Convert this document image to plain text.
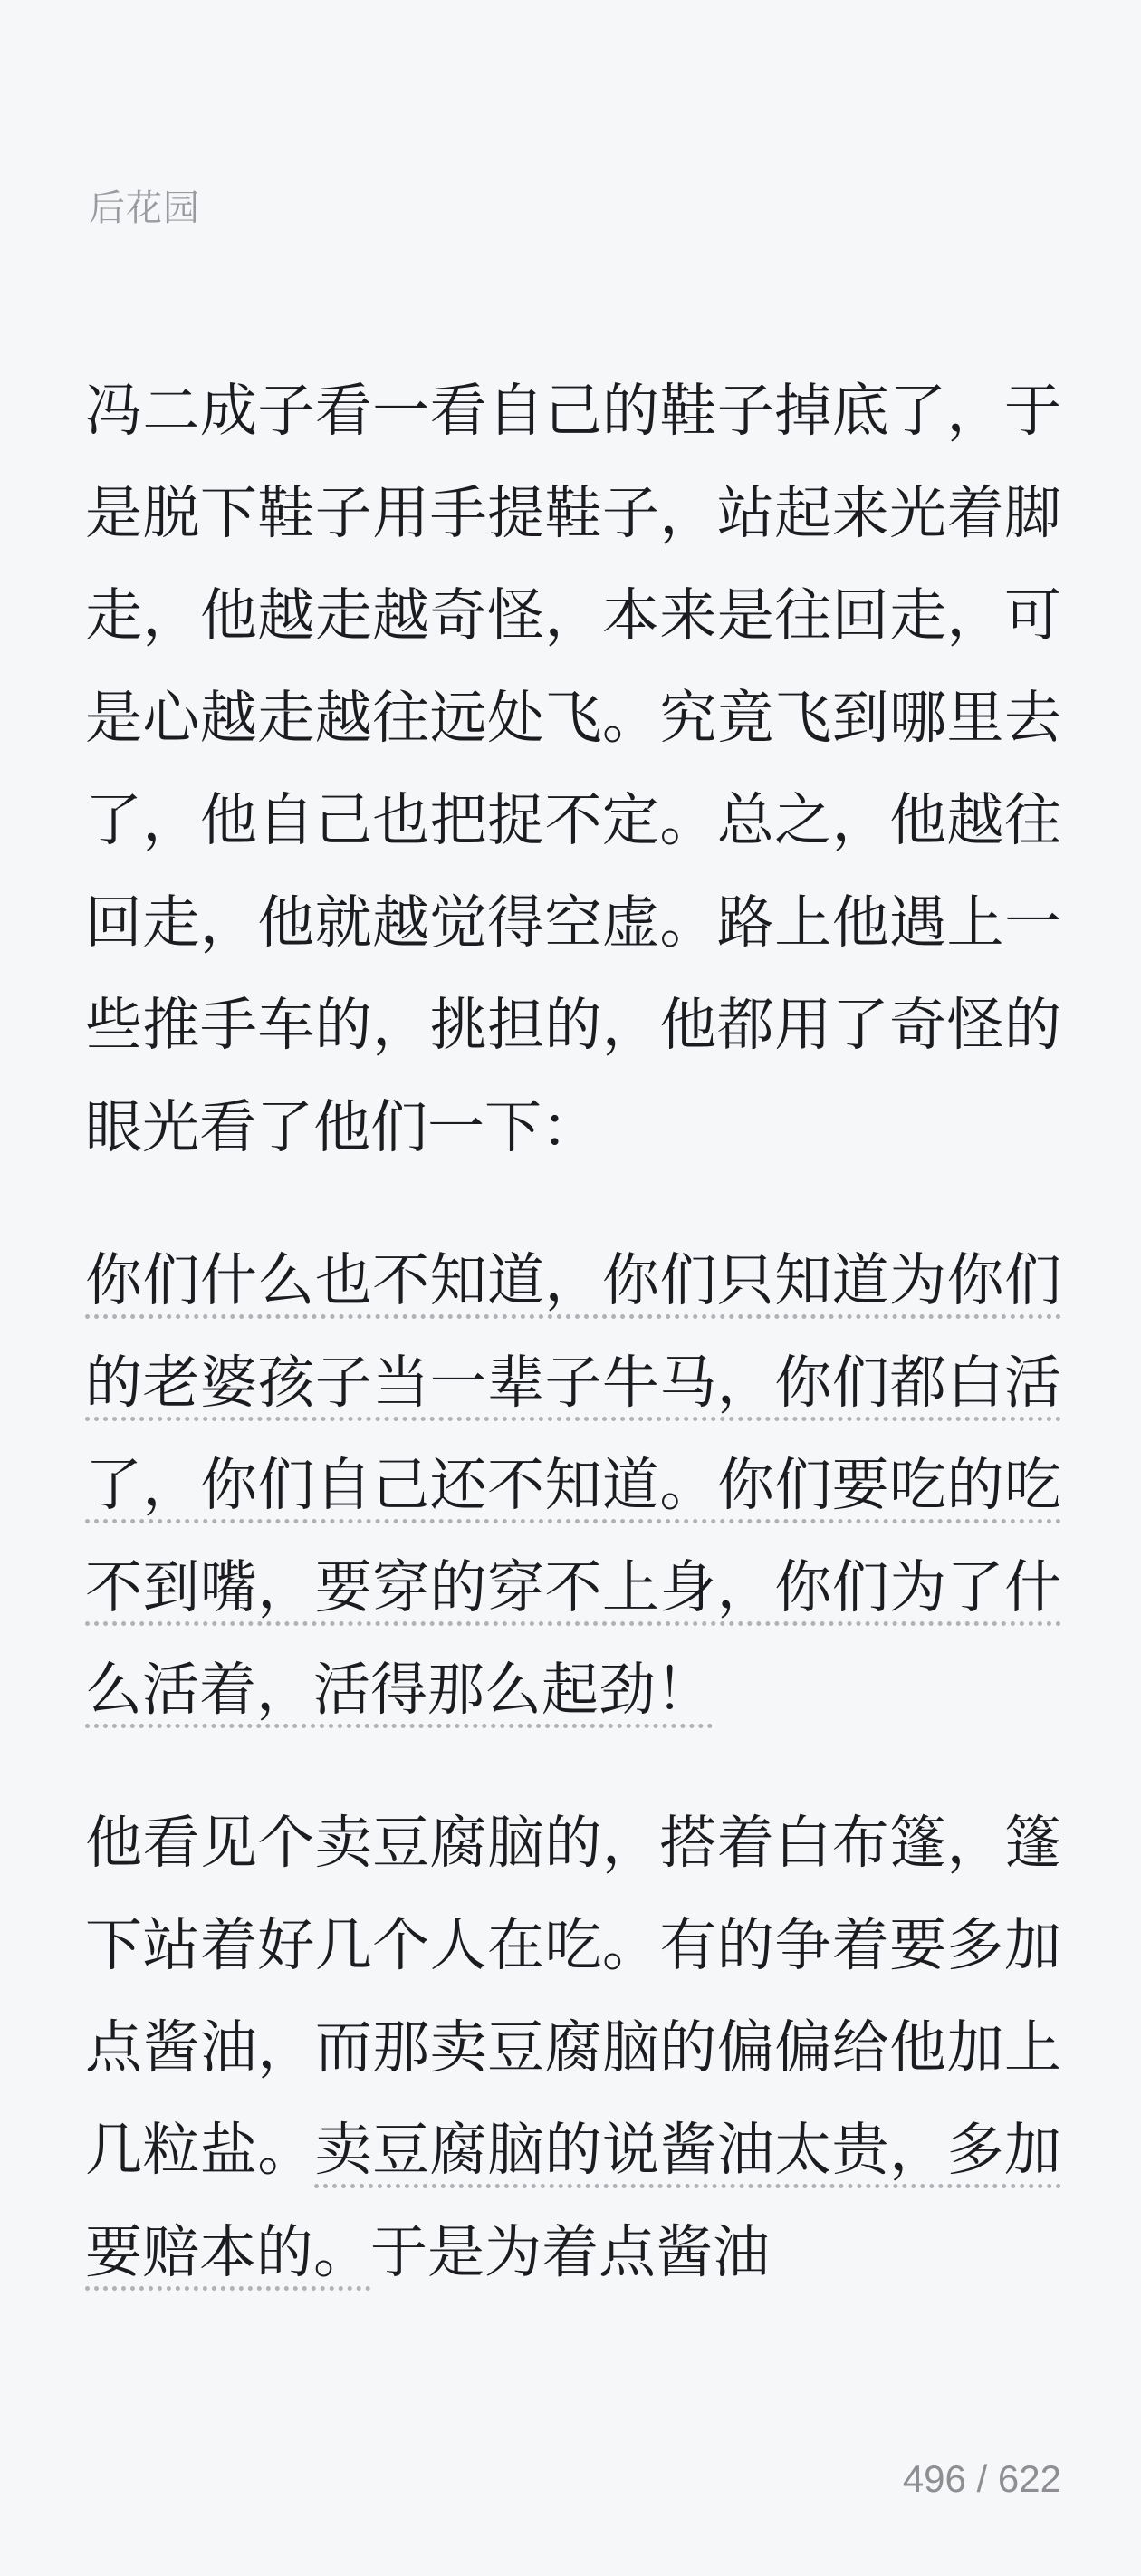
后花园

冯二成子看一看自己的鞋子掉底了，于是脱下鞋子用手提鞋子，站起来光着脚走，他越走越奇怪，本来是往回走，可是心越走越往远处飞。究竟飞到哪里去了，他自己也把捉不定。总之，他越往回走，他就越觉得空虚。路上他遇上一些推手车的，挑担的，他都用了奇怪的眼光看了他们一下：

你们什么也不知道，你们只知道为你们的老婆孩子当一辈子牛马，你们都白活了，你们自己还不知道。你们要吃的吃不到嘴，要穿的穿不上身，你们为了什么活着，活得那么起劲！

他看见个卖豆腐脑的，搭着白布篷，篷下站着好几个人在吃。有的争着要多加点酱油，而那卖豆腐脑的偏偏给他加上几粒盐。卖豆腐脑的说酱油太贵，多加要赔本的。于是为着点酱油

496 / 622
